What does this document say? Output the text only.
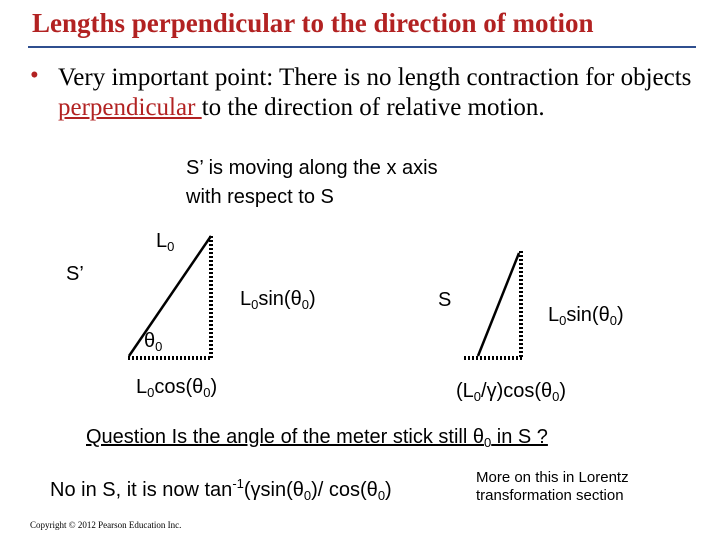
Lengths perpendicular to the direction of motion
• Very important point: There is no length contraction for objects perpendicular to the direction of relative motion.
S’ is moving along the x axis
with respect to S
S’
$L_0$
$L_0\sin(\theta_0)$
$\theta_0$
$L_0\cos(\theta_0)$
S
$L_0\sin(\theta_0)$
$(L_0/\gamma)\cos(\theta_0)$
Question Is the angle of the meter stick still $\theta_0$ in S ?
No in S, it is now $\tan^{-1}(\gamma\sin(\theta_0)/$ $\cos(\theta_0)$
More on this in Lorentz
transformation section
Copyright © 2012 Pearson Education Inc.
